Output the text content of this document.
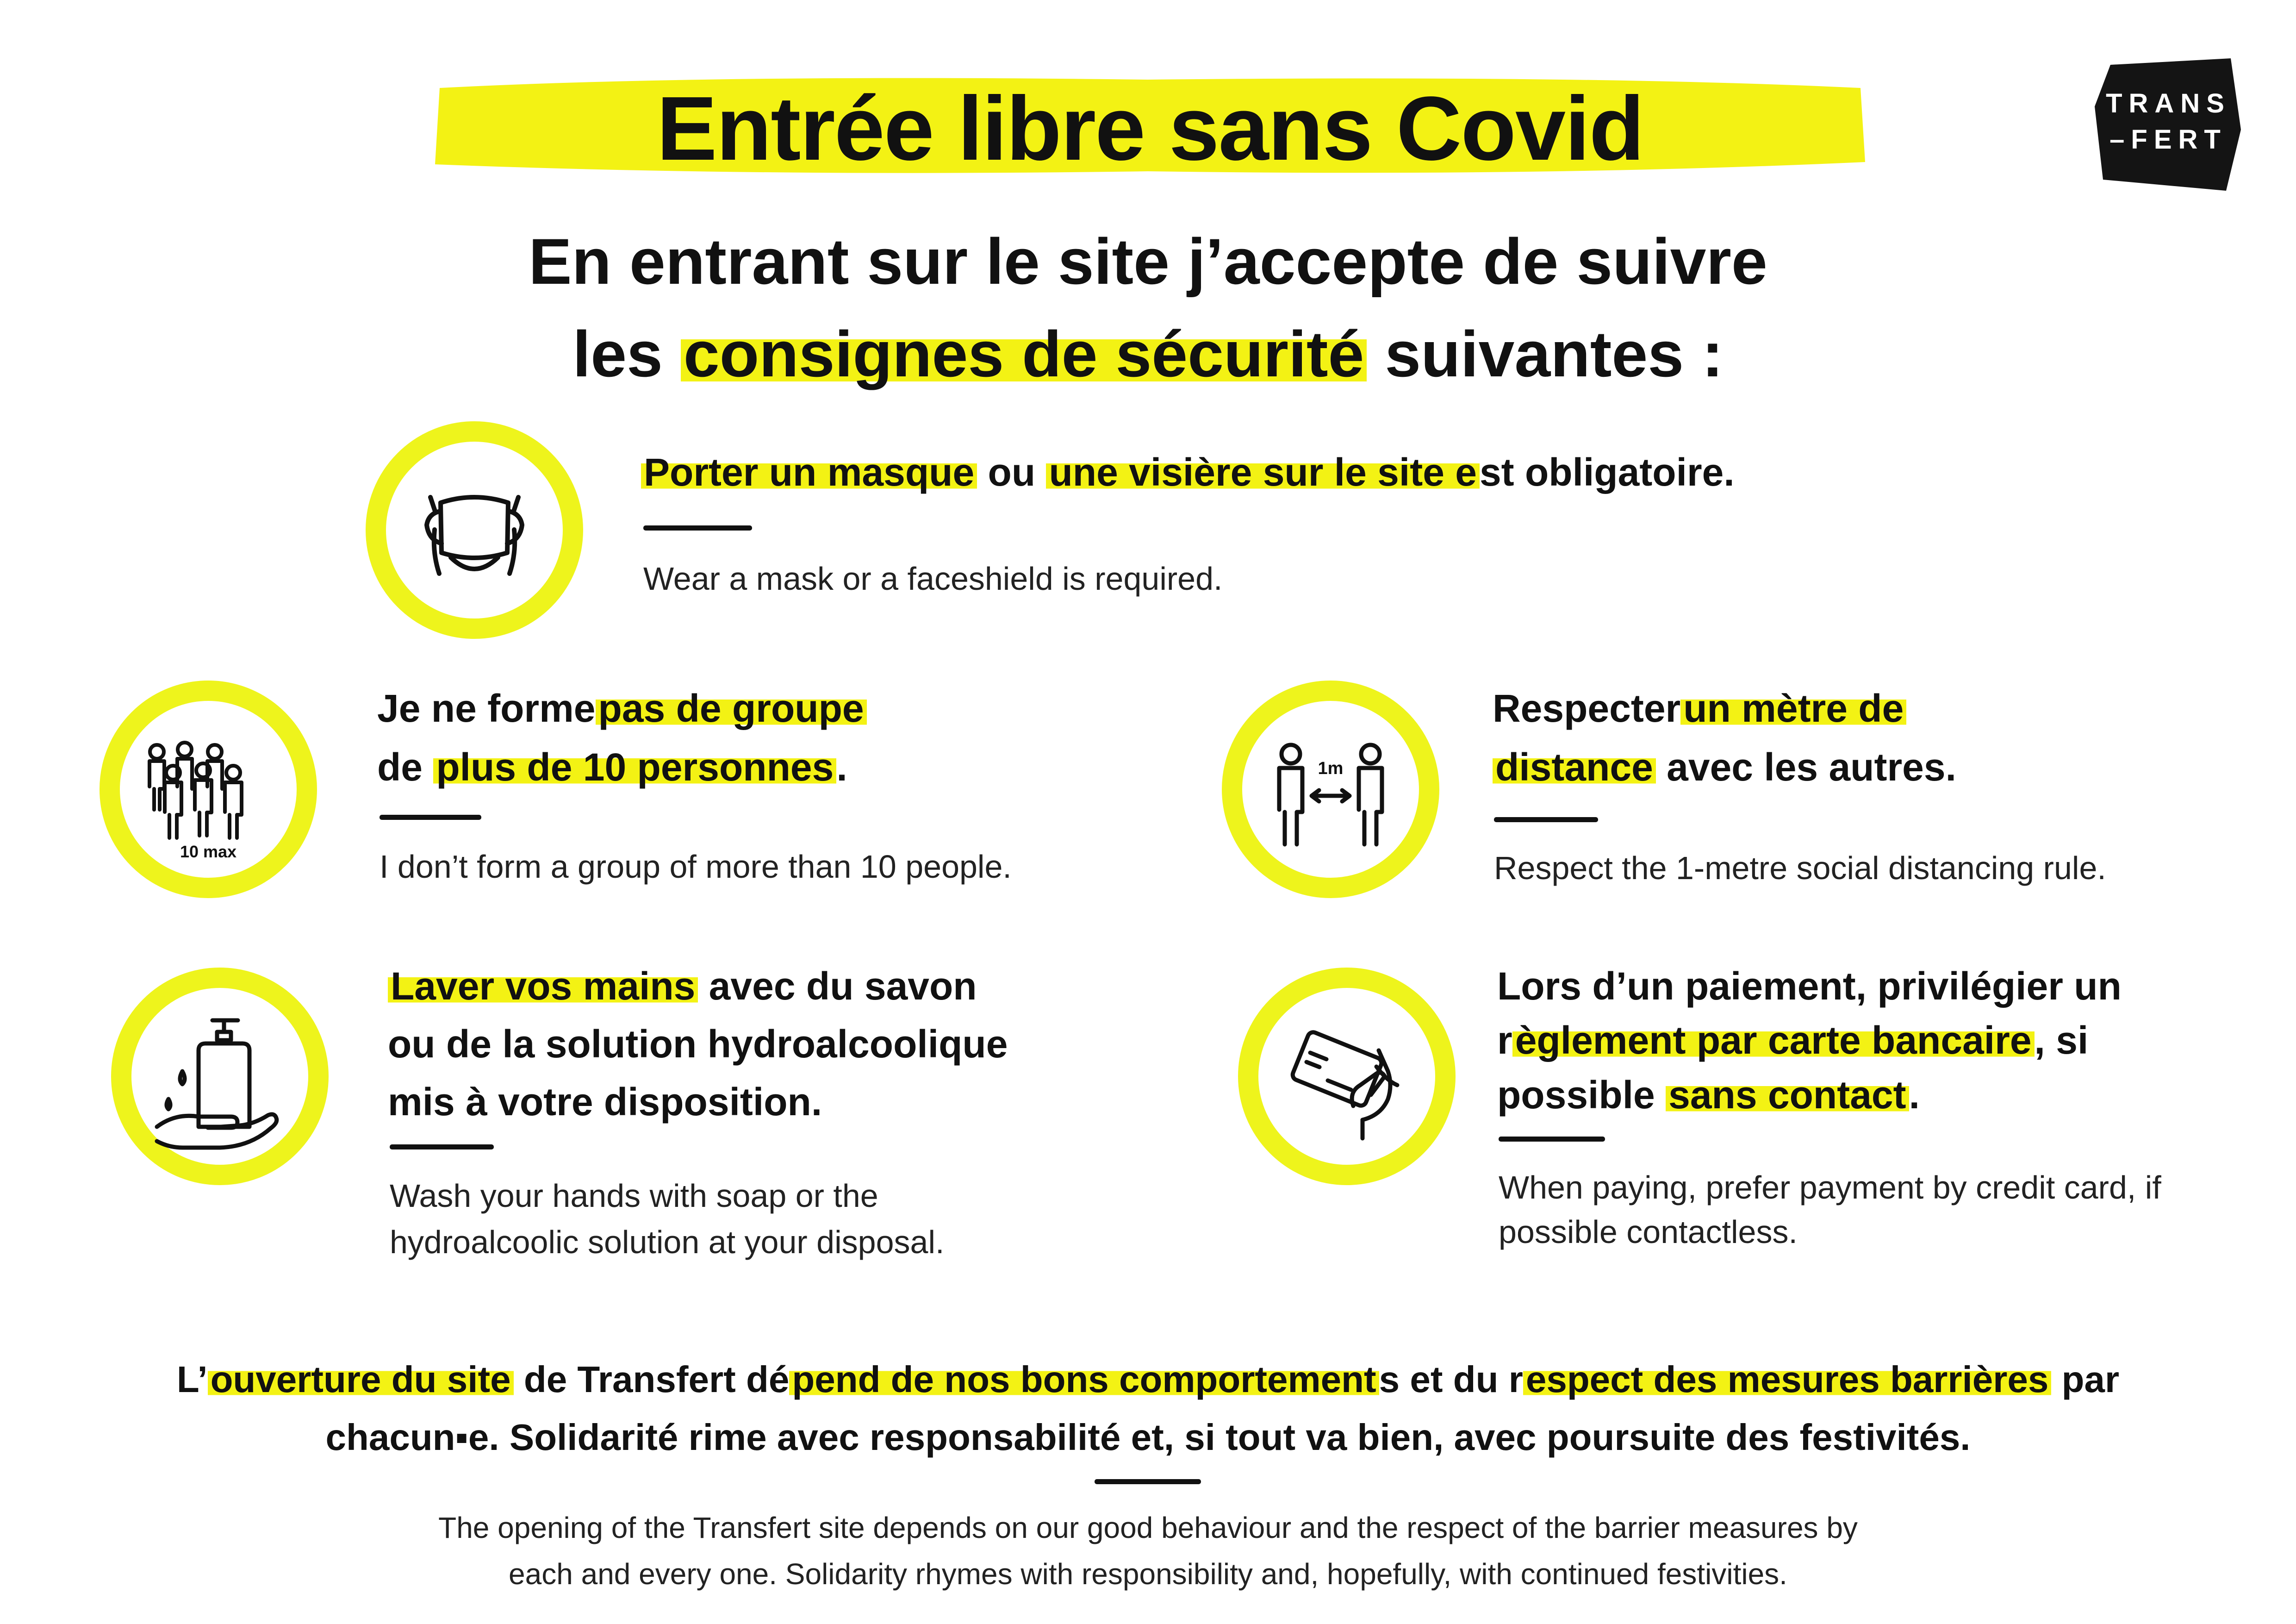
Entrée libre sans Covid	TRANS
–FERT
En entrant sur le site j’accepte de suivre
les consignes de sécurité suivantes :
Porter un masque ou une visière sur le site est obligatoire.
Wear a mask or a faceshield is required.
10 max
Je ne formepas de groupe
de plus de 10 personnes.
I don’t form a group of more than 10 people.
1m
Respecterun mètre de
distance avec les autres.
Respect the 1-metre social distancing rule.
Laver vos mains avec du savon
ou de la solution hydroalcoolique
mis à votre disposition.
Wash your hands with soap or the
hydroalcoolic solution at your disposal.
Lors d’un paiement, privilégier un
règlement par carte bancaire, si
possible sans contact.
When paying, prefer payment by credit card, if
possible contactless.
L’ouverture du site de Transfert dépend de nos bons comportements et du respect des mesures barrières par
chacun▪e. Solidarité rime avec responsabilité et, si tout va bien, avec poursuite des festivités.
The opening of the Transfert site depends on our good behaviour and the respect of the barrier measures by
each and every one. Solidarity rhymes with responsibility and, hopefully, with continued festivities.
